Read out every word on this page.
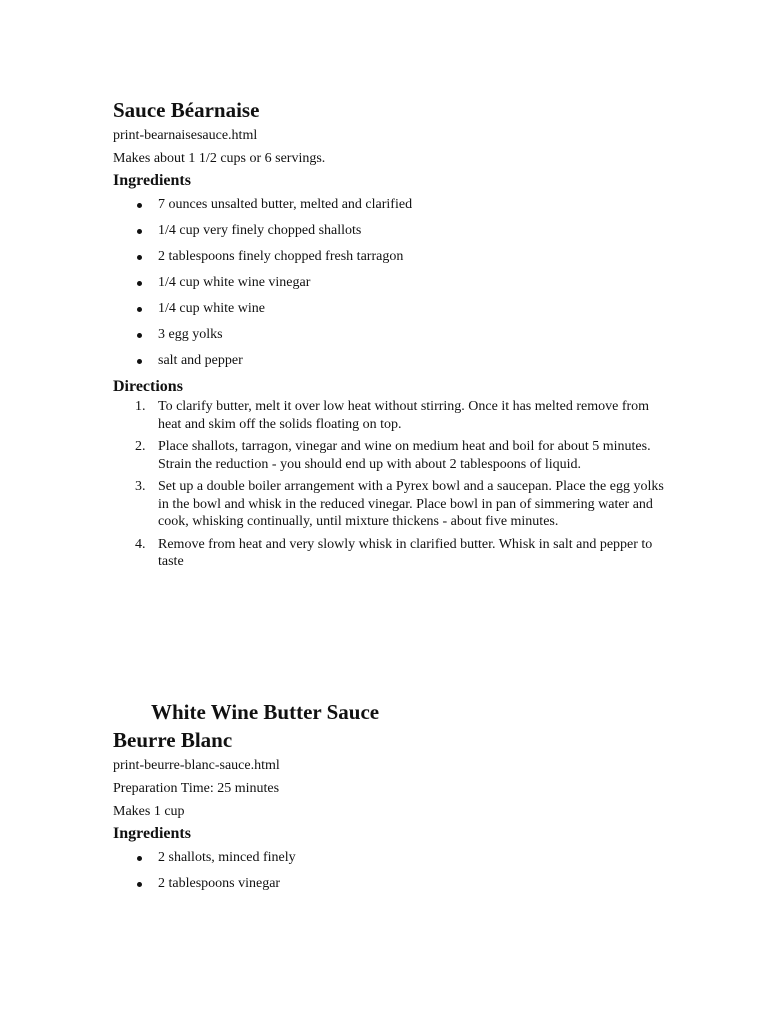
Sauce Béarnaise

print-bearnaisesauce.html

Makes about 1 1/2 cups or 6 servings.

Ingredients
7 ounces unsalted butter, melted and clarified
1/4 cup very finely chopped shallots
2 tablespoons finely chopped fresh tarragon
1/4 cup white wine vinegar
1/4 cup white wine
3 egg yolks
salt and pepper
Directions
1. To clarify butter, melt it over low heat without stirring. Once it has melted remove from heat and skim off the solids floating on top.
2. Place shallots, tarragon, vinegar and wine on medium heat and boil for about 5 minutes. Strain the reduction - you should end up with about 2 tablespoons of liquid.
3. Set up a double boiler arrangement with a Pyrex bowl and a saucepan. Place the egg yolks in the bowl and whisk in the reduced vinegar. Place bowl in pan of simmering water and cook, whisking continually, until mixture thickens - about five minutes.
4. Remove from heat and very slowly whisk in clarified butter. Whisk in salt and pepper to taste
White Wine Butter Sauce
Beurre Blanc

print-beurre-blanc-sauce.html

Preparation Time: 25 minutes

Makes 1 cup

Ingredients
2 shallots, minced finely
2 tablespoons vinegar
